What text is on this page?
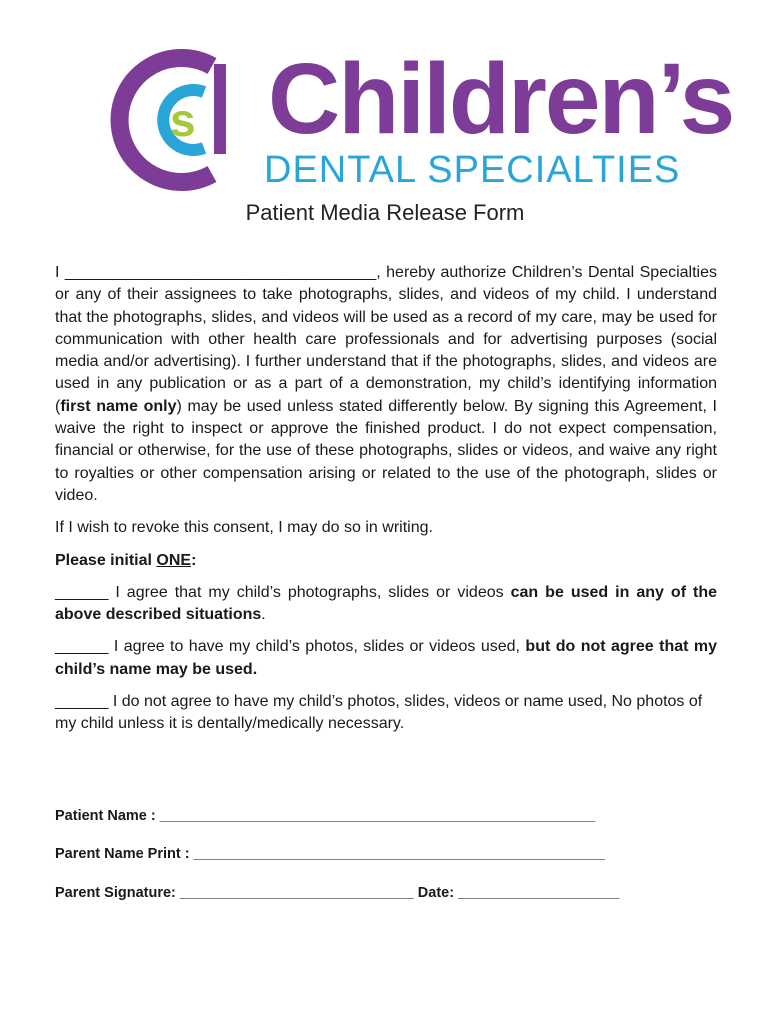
s Children’s
DENTAL SPECIALTIES
Patient Media Release Form

I ___________________________________, hereby authorize Children’s Dental Specialties or any of their assignees to take photographs, slides, and videos of my child. I understand that the photographs, slides, and videos will be used as a record of my care, may be used for communication with other health care professionals and for advertising purposes (social media and/or advertising). I further understand that if the photographs, slides, and videos are used in any publication or as a part of a demonstration, my child’s identifying information (first name only) may be used unless stated differently below. By signing this Agreement, I waive the right to inspect or approve the finished product. I do not expect compensation, financial or otherwise, for the use of these photographs, slides or videos, and waive any right to royalties or other compensation arising or related to the use of the photograph, slides or video.

If I wish to revoke this consent, I may do so in writing.

Please initial ONE:

______ I agree that my child’s photographs, slides or videos can be used in any of the above described situations.

______ I agree to have my child’s photos, slides or videos used, but do not agree that my child’s name may be used.

______ I do not agree to have my child’s photos, slides, videos or name used, No photos of my child unless it is dentally/medically necessary.

Patient Name : ______________________________________________________
Parent Name Print : ___________________________________________________
Parent Signature: _____________________________ Date: ____________________
